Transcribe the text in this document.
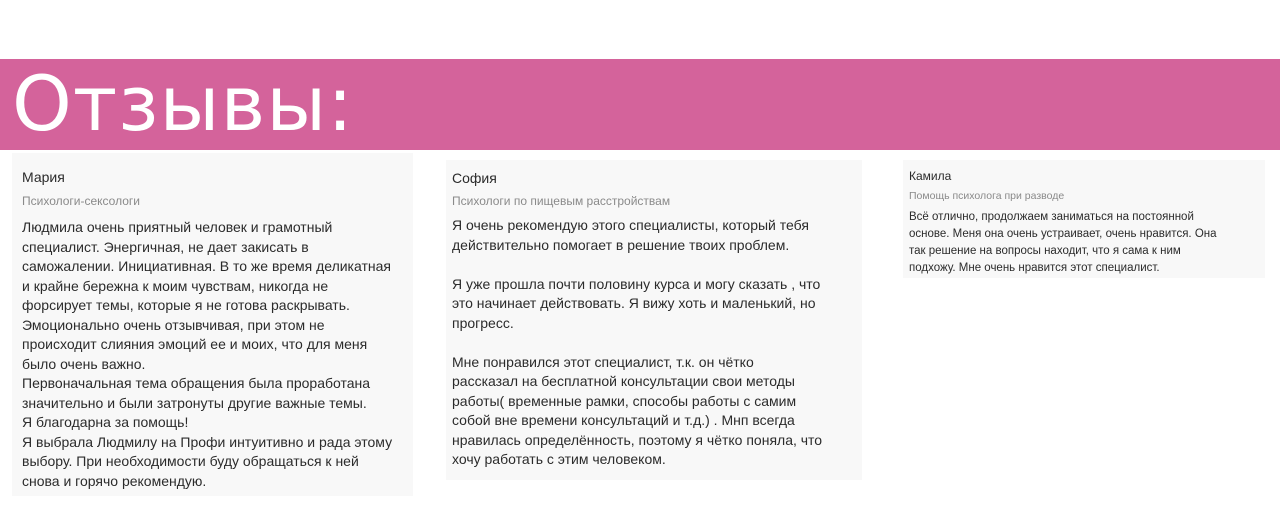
Отзывы:
Мария
Психологи-сексологи
Людмила очень приятный человек и грамотный
специалист. Энергичная, не дает закисать в
саможалении. Инициативная. В то же время деликатная
и крайне бережна к моим чувствам, никогда не
форсирует темы, которые я не готова раскрывать.
Эмоционально очень отзывчивая, при этом не
происходит слияния эмоций ее и моих, что для меня
было очень важно.
Первоначальная тема обращения была проработана
значительно и были затронуты другие важные темы.
Я благодарна за помощь!
Я выбрала Людмилу на Профи интуитивно и рада этому
выбору. При необходимости буду обращаться к ней
снова и горячо рекомендую.
София
Психологи по пищевым расстройствам
Я очень рекомендую этого специалисты, который тебя
действительно помогает в решение твоих проблем.

Я уже прошла почти половину курса и могу сказать , что
это начинает действовать. Я вижу хоть и маленький, но
прогресс.

Мне понравился этот специалист, т.к. он чётко
рассказал на бесплатной консультации свои методы
работы( временные рамки, способы работы с самим
собой вне времени консультаций и т.д.) . Мнп всегда
нравилась определённость, поэтому я чётко поняла, что
хочу работать с этим человеком.
Камила
Помощь психолога при разводе
Всё отлично, продолжаем заниматься на постоянной
основе. Меня она очень устраивает, очень нравится. Она
так решение на вопросы находит, что я сама к ним
подхожу. Мне очень нравится этот специалист.
